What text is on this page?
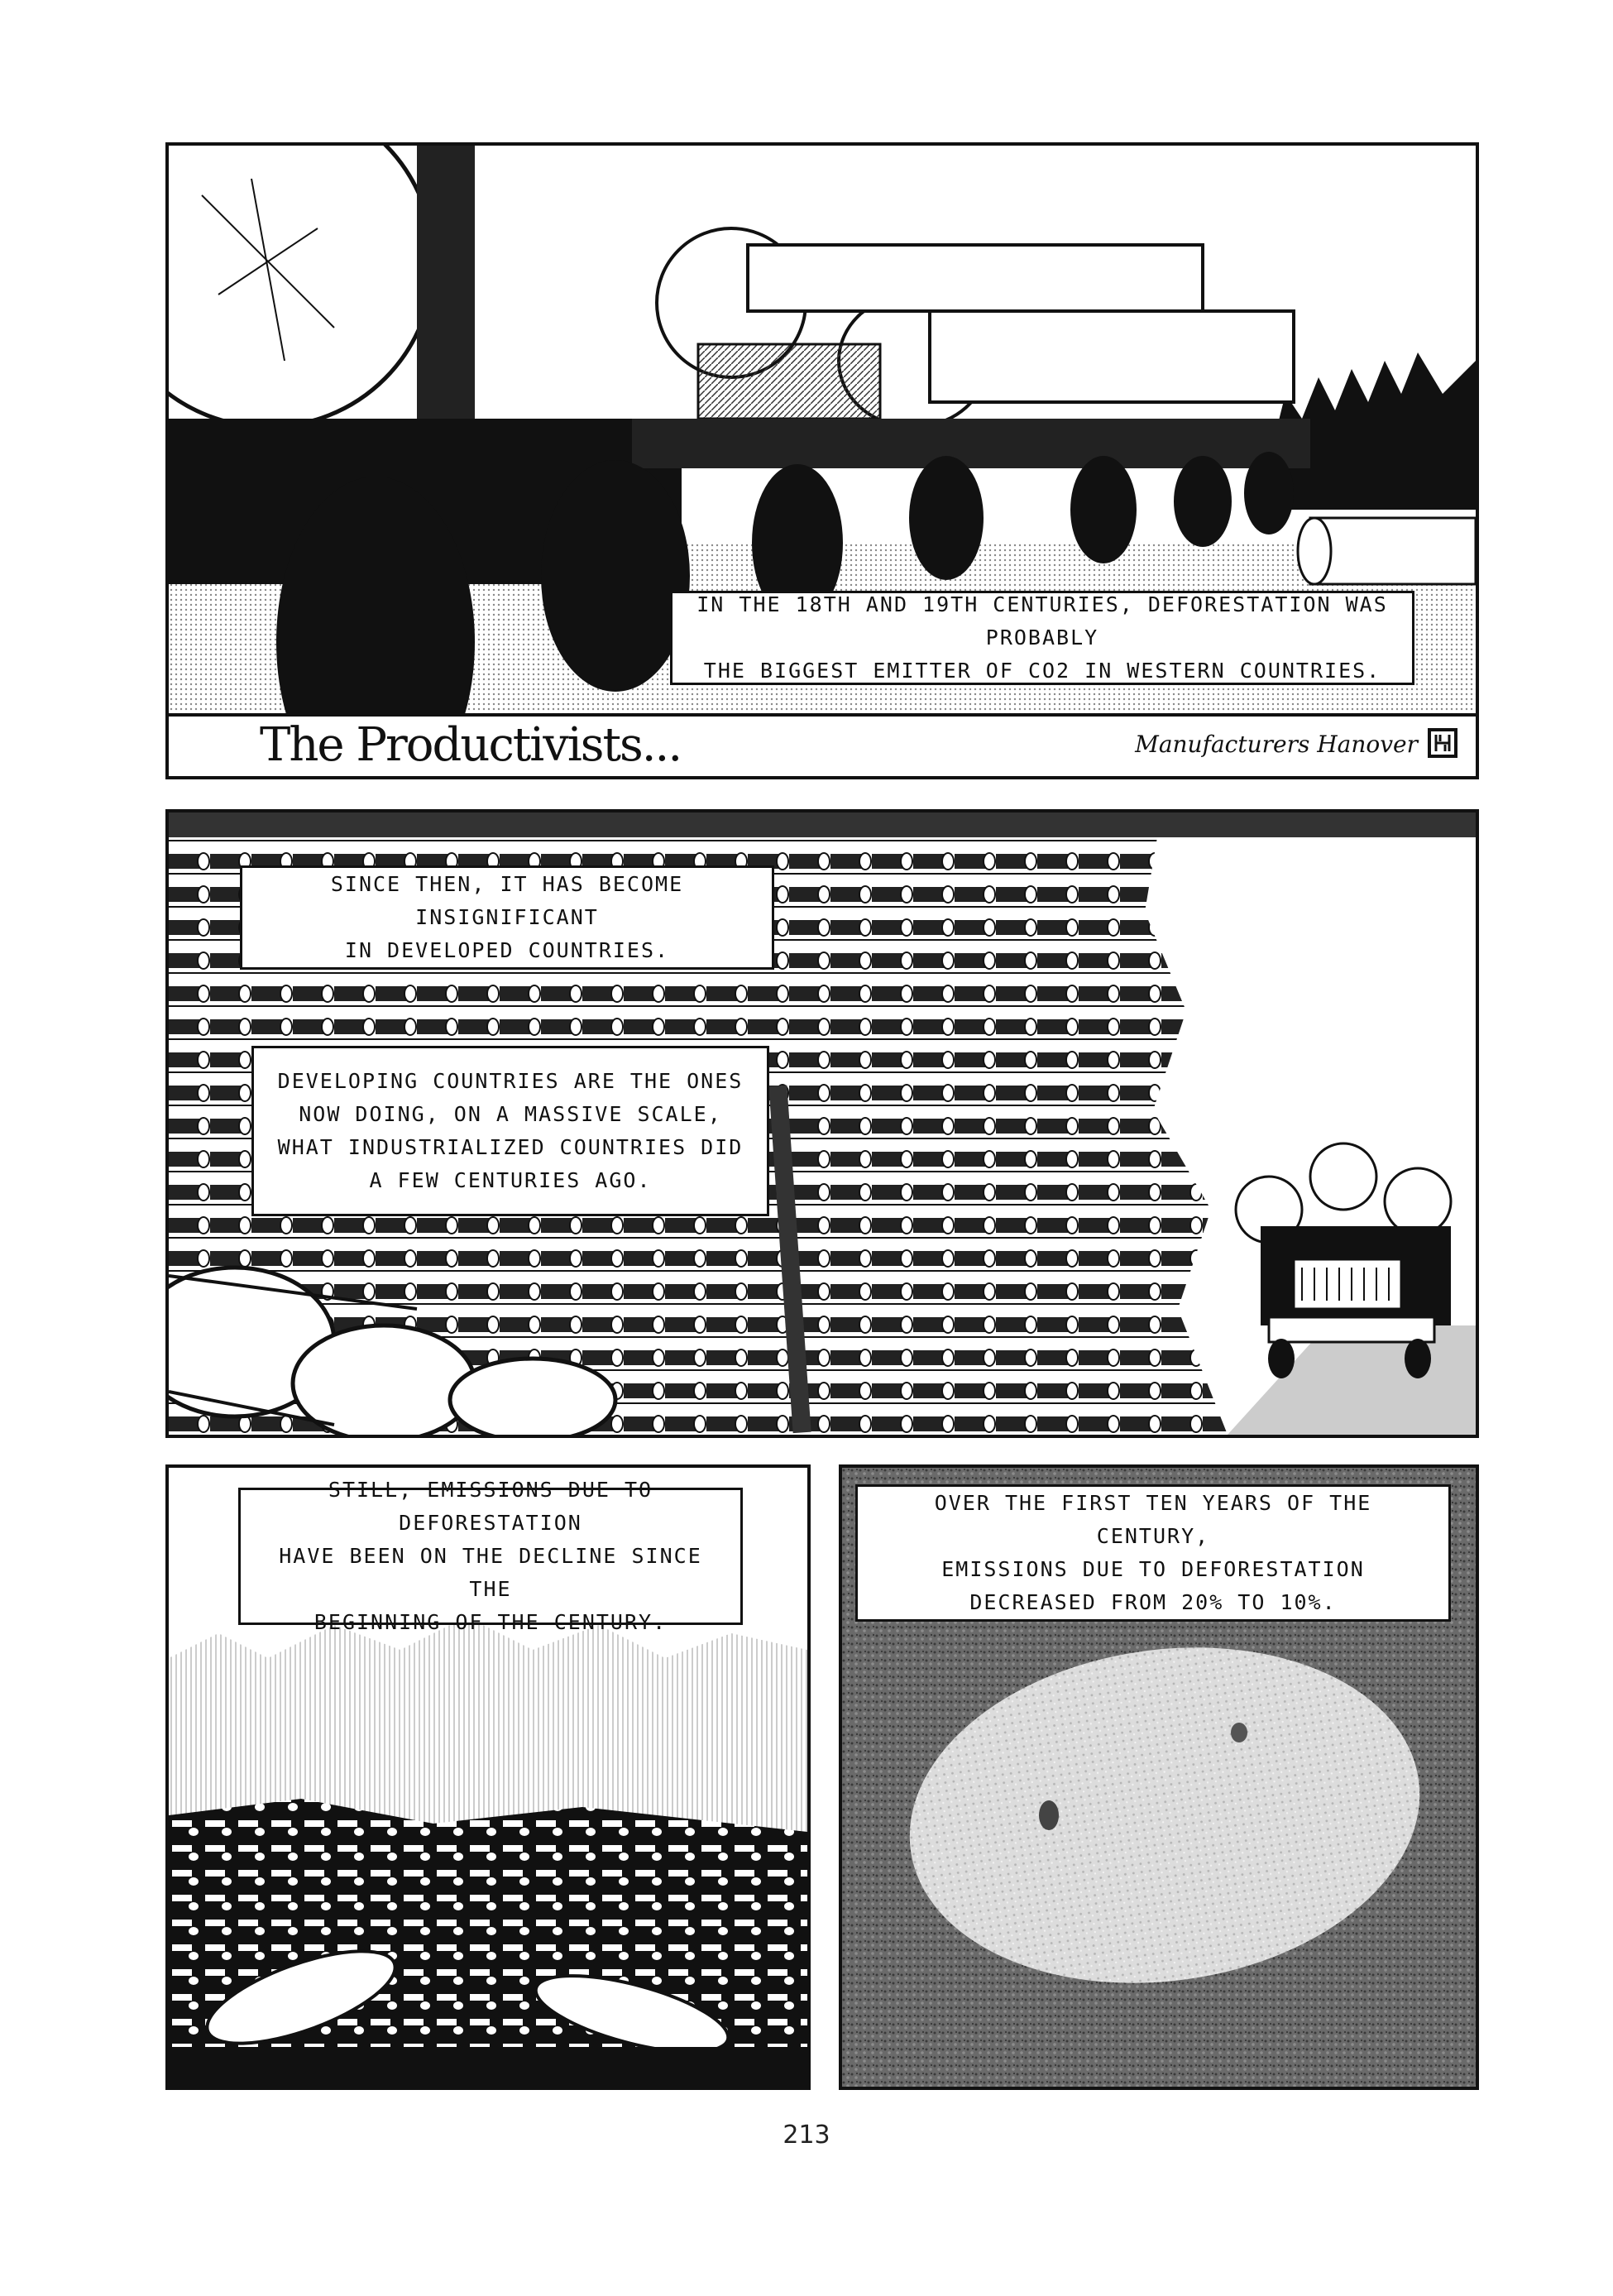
IN THE 18TH AND 19TH CENTURIES, DEFORESTATION WAS PROBABLY
THE BIGGEST EMITTER OF CO2 IN WESTERN COUNTRIES.
The Productivists...	Manufacturers Hanover
SINCE THEN, IT HAS BECOME INSIGNIFICANT
IN DEVELOPED COUNTRIES.
DEVELOPING COUNTRIES ARE THE ONES
NOW DOING, ON A MASSIVE SCALE,
WHAT INDUSTRIALIZED COUNTRIES DID
A FEW CENTURIES AGO.
STILL, EMISSIONS DUE TO DEFORESTATION
HAVE BEEN ON THE DECLINE SINCE THE
BEGINNING OF THE CENTURY.
OVER THE FIRST TEN YEARS OF THE CENTURY,
EMISSIONS DUE TO DEFORESTATION
DECREASED FROM 20% TO 10%.
213
